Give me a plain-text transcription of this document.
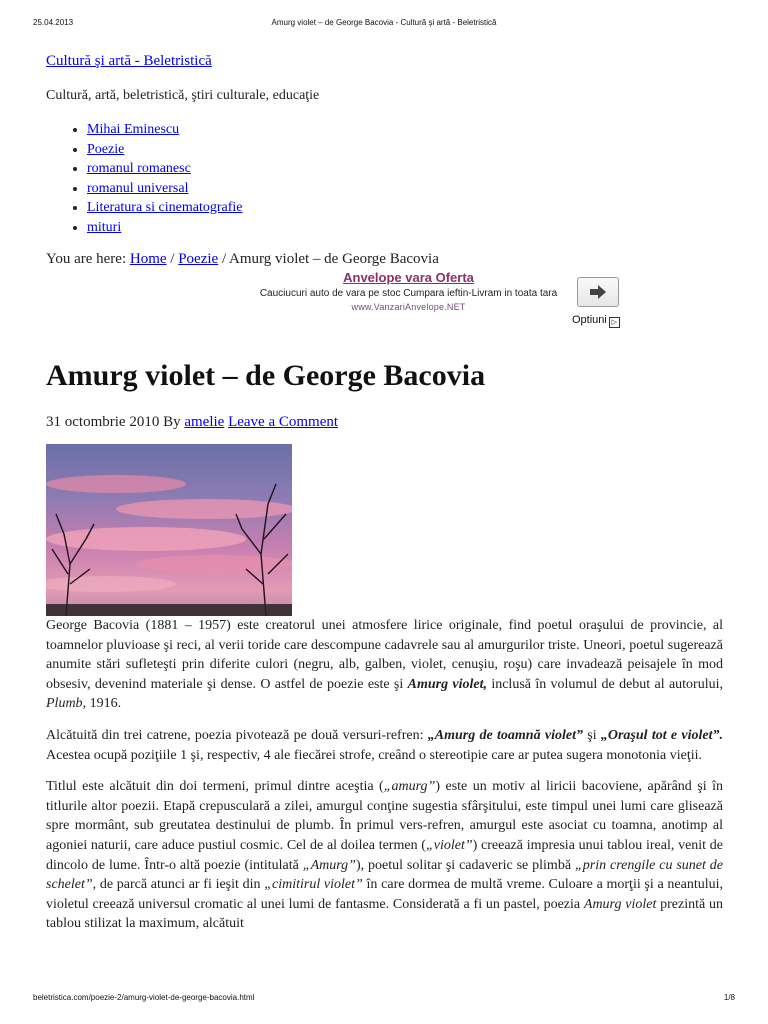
25.04.2013	Amurg violet – de George Bacovia - Cultură şi artă - Beletristică
Cultură şi artă - Beletristică
Cultură, artă, beletristică, ştiri culturale, educaţie
• Mihai Eminescu
• Poezie
• romanul romanesc
• romanul universal
• Literatura si cinematografie
• mituri
You are here: Home / Poezie / Amurg violet – de George Bacovia
Anvelope vara Oferta
Cauciucuri auto de vara pe stoc Cumpara ieftin-Livram in toata tara
www.VanzariAnvelope.NET
Optiuni ▷
Amurg violet – de George Bacovia
31 octombrie 2010 By amelie Leave a Comment

George Bacovia (1881 – 1957) este creatorul unei atmosfere lirice originale, find poetul oraşului de provincie, al toamnelor pluvioase şi reci, al verii toride care descompune cadavrele sau al amurgurilor triste. Uneori, poetul sugerează anumite stări sufleteşti prin diferite culori (negru, alb, galben, violet, cenuşiu, roşu) care invadează peisajele în mod obsesiv, devenind materiale şi dense. O astfel de poezie este şi Amurg violet, inclusă în volumul de debut al autorului, Plumb, 1916.

Alcătuită din trei catrene, poezia pivotează pe două versuri-refren: „Amurg de toamnă violet” şi „Oraşul tot e violet”. Acestea ocupă poziţiile 1 şi, respectiv, 4 ale fiecărei strofe, creând o stereotipie care ar putea sugera monotonia vieţii.

Titlul este alcătuit din doi termeni, primul dintre aceştia („amurg”) este un motiv al liricii bacoviene, apărând şi în titlurile altor poezii. Etapă crepusculară a zilei, amurgul conţine sugestia sfârşitului, este timpul unei lumi care glisează spre mormânt, sub greutatea destinului de plumb. În primul vers-refren, amurgul este asociat cu toamna, anotimp al agoniei naturii, care aduce pustiul cosmic. Cel de al doilea termen („violet”) creează impresia unui tablou ireal, venit de dincolo de lume. Într-o altă poezie (intitulată „Amurg”), poetul solitar şi cadaveric se plimbă „prin crengile cu sunet de schelet”, de parcă atunci ar fi ieşit din „cimitirul violet” în care dormea de multă vreme. Culoare a morţii şi a neantului, violetul creează universul cromatic al unei lumi de fantasme. Considerată a fi un pastel, poezia Amurg violet prezintă un tablou stilizat la maximum, alcătuit

beletristica.com/poezie-2/amurg-violet-de-george-bacovia.html	1/8
